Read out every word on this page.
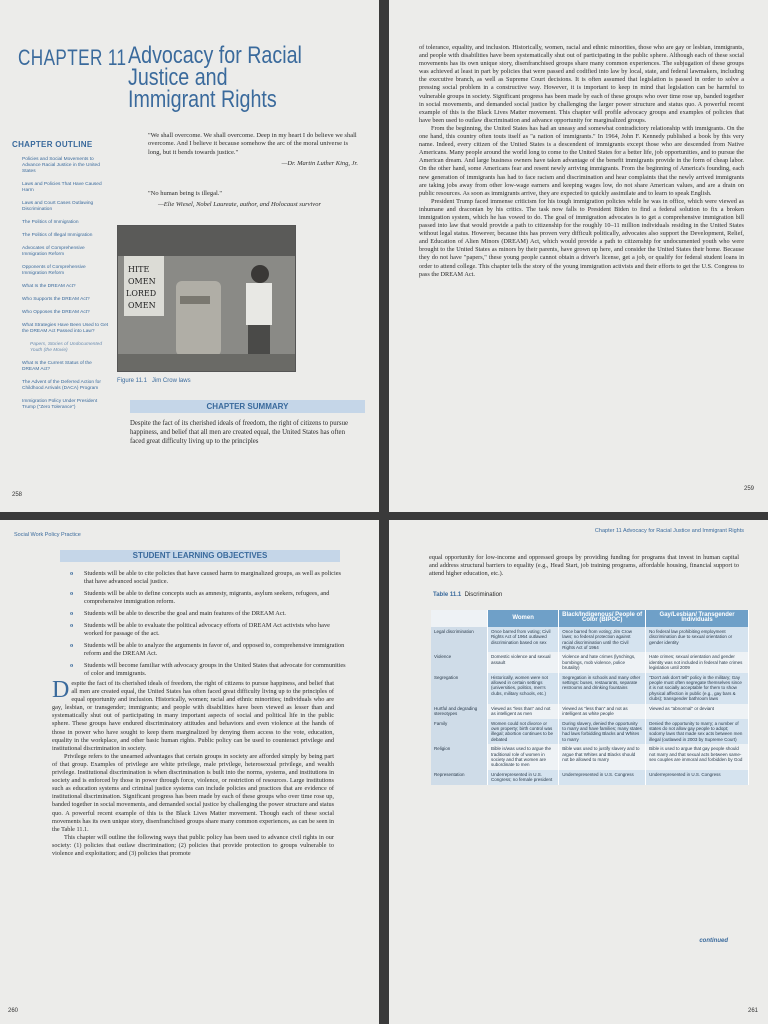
CHAPTER 11 Advocacy for Racial Justice and Immigrant Rights
CHAPTER OUTLINE
Policies and Social Movements to Advance Racial Justice in the United States
Laws and Policies That Have Caused Harm
Laws and Court Cases Outlawing Discrimination
The Politics of Immigration
The Politics of Illegal Immigration
Advocates of Comprehensive Immigration Reform
Opponents of Comprehensive Immigration Reform
What Is the DREAM Act?
Who Supports the DREAM Act?
Who Opposes the DREAM Act?
What Strategies Have Been Used to Get the DREAM Act Passed into Law?
Papers, Stories of Undocumented Youth (the Movie)
What Is the Current Status of the DREAM Act?
The Advent of the Deferred Action for Childhood Arrivals (DACA) Program
Immigration Policy Under President Trump ("Zero Tolerance")
"We shall overcome. We shall overcome. Deep in my heart I do believe we shall overcome. And I believe it because somehow the arc of the moral universe is long, but it bends towards justice."
—Dr. Martin Luther King, Jr.
"No human being is illegal."
—Elie Wiesel, Nobel Laureate, author, and Holocaust survivor
HITE
OMEN
LORED
OMEN
Figure 11.1 Jim Crow laws
CHAPTER SUMMARY
Despite the fact of its cherished ideals of freedom, the right of citizens to pursue happiness, and belief that all men are created equal, the United States has often faced great difficulty living up to the principles
258

of tolerance, equality, and inclusion. Historically, women, racial and ethnic minorities, those who are gay or lesbian, immigrants, and people with disabilities have been systematically shut out of participating in the public sphere. Although each of these social movements has its own unique story, disenfranchised groups share many common experiences. The subjugation of these groups was achieved at least in part by policies that were passed and codified into law by local, state, and federal lawmakers, including the executive branch, as well as Supreme Court decisions. It is often assumed that legislation is passed in order to solve a pressing social problem in a constructive way. However, it is important to keep in mind that legislation can be harmful to vulnerable groups in society. Significant progress has been made by each of these groups who over time rose up, banded together in social movements, and demanded social justice by challenging the larger power structure and status quo. A powerful recent example of this is the Black Lives Matter movement. This chapter will profile advocacy groups and examples of policies that have been used to outlaw discrimination and advance opportunity for marginalized groups.

From the beginning, the United States has had an uneasy and somewhat contradictory relationship with immigrants. On the one hand, this country often touts itself as "a nation of immigrants." In 1964, John F. Kennedy published a book by this very name. Indeed, every citizen of the United States is a descendent of immigrants except those who are descended from Native Americans. Many people around the world long to come to the United States for a better life, job opportunities, and to pursue the American dream. And large business owners have taken advantage of the benefit immigrants provide in the form of cheap labor. On the other hand, some Americans fear and resent newly arriving immigrants. From the beginning of America's founding, each new generation of immigrants has had to face racism and discrimination and hear complaints that the newly arrived immigrants are taking jobs away from other low-wage earners and keeping wages low, do not share American values, and are a drain on public resources. As soon as immigrants arrive, they are expected to quickly assimilate and to learn to speak English.

President Trump faced immense criticism for his tough immigration policies while he was in office, which were viewed as inhumane and draconian by his critics. The task now falls to President Biden to find a federal solution to fix a broken immigration system, which he has vowed to do. The goal of immigration advocates is to get a comprehensive immigration bill passed into law that would provide a path to citizenship for the roughly 10–11 million individuals residing in the United States without legal status. However, because this has proven very difficult politically, advocates also support the Development, Relief, and Education of Alien Minors (DREAM) Act, which would provide a path to citizenship for undocumented youth who were brought to the United States as minors by their parents, have grown up here, and consider the United States their home. Because they do not have "papers," these young people cannot obtain a driver's license, get a job, or qualify for federal student loans in order to attend college. This chapter tells the story of the young immigration activists and their efforts to get the U.S. Congress to pass the DREAM Act.

259
Social Work Policy Practice
STUDENT LEARNING OBJECTIVES
o Students will be able to cite policies that have caused harm to marginalized groups, as well as policies that have advanced social justice.
o Students will be able to define concepts such as amnesty, migrants, asylum seekers, refugees, and comprehensive immigration reform.
o Students will be able to describe the goal and main features of the DREAM Act.
o Students will be able to evaluate the political advocacy efforts of DREAM Act activists who have worked for passage of the act.
o Students will be able to analyze the arguments in favor of, and opposed to, comprehensive immigration reform and the DREAM Act.
o Students will become familiar with advocacy groups in the United States that advocate for communities of color and immigrants.

Despite the fact of its cherished ideals of freedom, the right of citizens to pursue happiness, and belief that all men are created equal, the United States has often faced great difficulty living up to the principles of equal opportunity and inclusion. Historically, women; racial and ethnic minorities; individuals who are gay, lesbian, or transgender; immigrants; and people with disabilities have been viewed as lesser than and systematically shut out of participating in many important aspects of social and political life in the public sphere. These groups have endured discriminatory attitudes and behaviors and even violence at the hands of those in power who have sought to keep them marginalized by denying them access to the vote, education, equality in the workplace, and other basic human rights. Public policy can be used to counteract privilege and institutional discrimination in society.

Privilege refers to the unearned advantages that certain groups in society are afforded simply by being part of that group. Examples of privilege are white privilege, male privilege, heterosexual privilege, and wealth privilege. Institutional discrimination is when discrimination is built into the norms, systems, and institutions in society and is enforced by those in power through force, violence, or restriction of resources. Large institutions such as education systems and criminal justice systems can include policies and practices that are evidence of institutional discrimination. Significant progress has been made by each of these groups who over time rose up, banded together in social movements, and demanded social justice by challenging the power structure and status quo. A powerful recent example of this is the Black Lives Matter movement. Though each of these social movements has its own unique story, disenfranchised groups share many common experiences, as can be seen in the Table 11.1.

This chapter will outline the following ways that public policy has been used to advance civil rights in our society: (1) policies that outlaw discrimination; (2) policies that provide protection to groups vulnerable to violence and exploitation; and (3) policies that promote

260
Chapter 11 Advocacy for Racial Justice and Immigrant Rights
equal opportunity for low-income and oppressed groups by providing funding for programs that invest in human capital and address structural barriers to equality (e.g., Head Start, job training programs, affordable housing, financial support to attend higher education, etc.).
Table 11.1 Discrimination
	Women	Black/Indigenous/ People of Color (BIPOC)	Gay/Lesbian/ Transgender Individuals
Legal discrimination	Once barred from voting; Civil Rights Act of 1964 outlawed discrimination based on sex	Once barred from voting; Jim Crow laws; no federal protection against racial discrimination until the Civil Rights Act of 1964	No federal law prohibiting employment discrimination due to sexual orientation or gender identity
Violence	Domestic violence and sexual assault	Violence and hate crimes (lynchings, bombings, mob violence, police brutality)	Hate crimes; sexual orientation and gender identity was not included in federal hate crimes legislation until 2009
Segregation	Historically, women were not allowed in certain settings (universities, politics, men's clubs, military schools, etc.)	Segregation in schools and many other settings: buses, restaurants, separate restrooms and drinking fountains	"Don't ask don't tell" policy in the military; Gay people must often segregate themselves since it is not socially acceptable for them to show physical affection in public (e.g., gay bars & clubs); transgender bathroom laws
Hurtful and degrading stereotypes	Viewed as "less than" and not as intelligent as men	Viewed as "less than" and not as intelligent as white people	Viewed as "abnormal" or deviant
Family	Women could not divorce or own property; birth control was illegal; abortion continues to be debated	During slavery, denied the opportunity to marry and have families; many states had laws forbidding Blacks and Whites to marry	Denied the opportunity to marry; a number of states do not allow gay people to adopt; sodomy laws that made sex acts between men illegal (outlawed in 2003 by Supreme Court)
Religion	Bible is/was used to argue the traditional role of women in society and that women are subordinate to men	Bible was used to justify slavery and to argue that Whites and Blacks should not be allowed to marry	Bible is used to argue that gay people should not marry and that sexual acts between same-sex couples are immoral and forbidden by God
Representation	Underrepresented in U.S. Congress; no female president	Underrepresented in U.S. Congress	Underrepresented in U.S. Congress
continued
261
